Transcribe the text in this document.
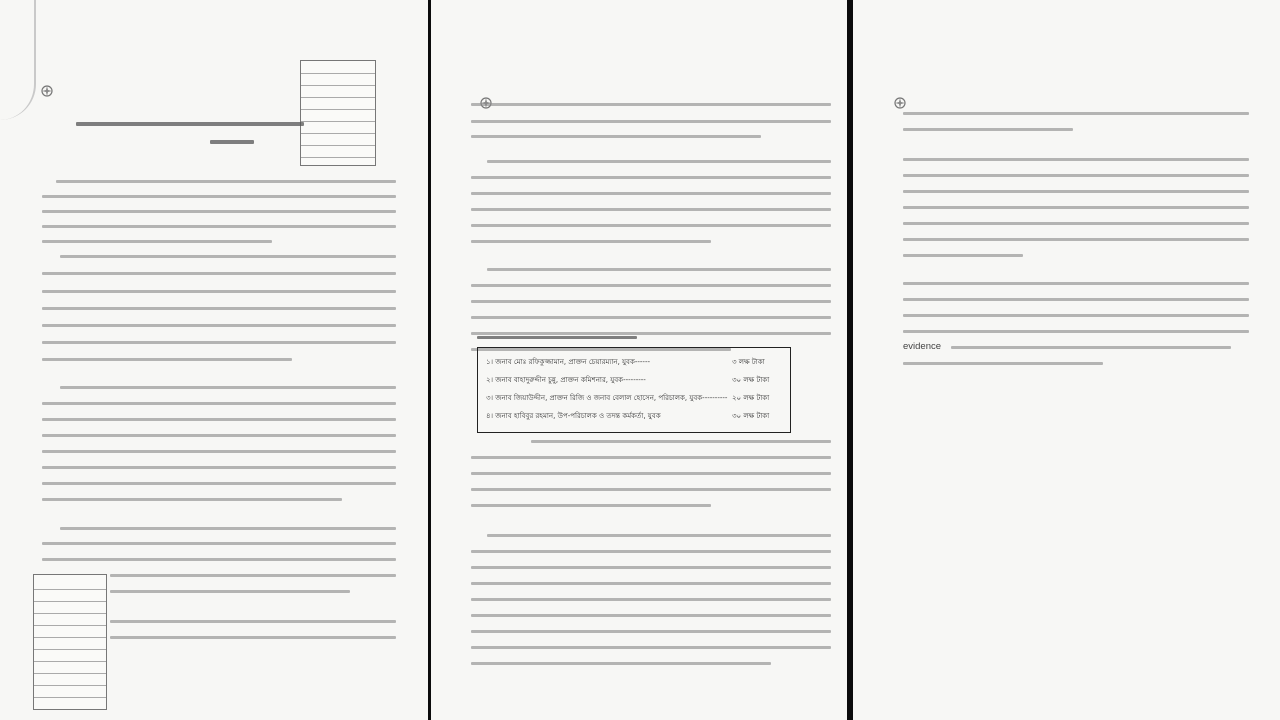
১। জনাব মোঃ রফিকুজ্জামান, প্রাক্তন চেয়ারম্যান, যুবক------	৩ লক্ষ টাকা
২। জনাব বাহাদুরুদ্দীন চুন্নু, প্রাক্তন কমিশনার, যুবক---------	৩০ লক্ষ টাকা
৩। জনাব জিয়াউদ্দীন, প্রাক্তন রিজি ও জনাব বেলাল হোসেন, পরিচালক, যুবক---------- ২০ লক্ষ টাকা
৪। জনাব হাবিবুর রহমান, উপ-পরিচালক ও তদন্ত কর্মকর্তা, যুবক	৩০ লক্ষ টাকা
evidence
